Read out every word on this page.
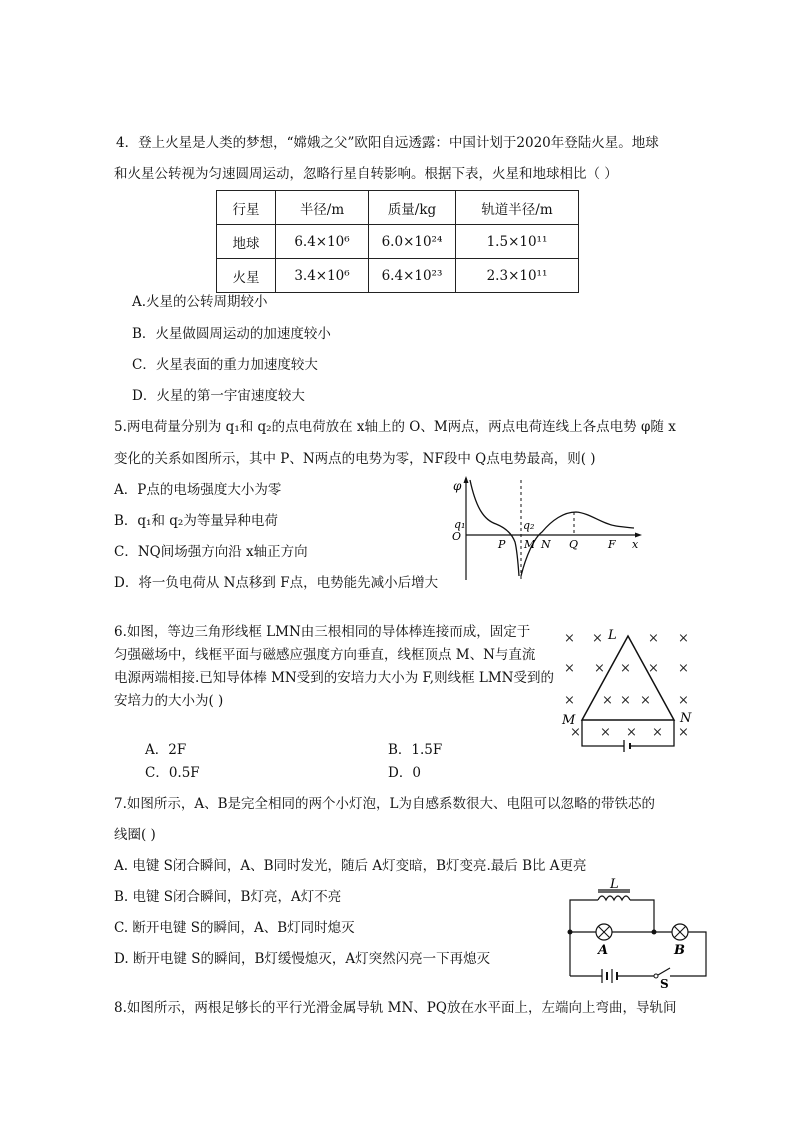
4．登上火星是人类的梦想，“嫦娥之父”欧阳自远透露：中国计划于2020年登陆火星。地球
和火星公转视为匀速圆周运动，忽略行星自转影响。根据下表，火星和地球相比（ ）
行星	半径/m	质量/kg	轨道半径/m
地球	6.4×10⁶	6.0×10²⁴	1.5×10¹¹
火星	3.4×10⁶	6.4×10²³	2.3×10¹¹
A.火星的公转周期较小
B．火星做圆周运动的加速度较小
C．火星表面的重力加速度较大
D．火星的第一宇宙速度较大
5.两电荷量分别为 q₁和 q₂的点电荷放在 x轴上的 O、M两点，两点电荷连线上各点电势 φ随 x
变化的关系如图所示，其中 P、N两点的电势为零，NF段中 Q点电势最高，则( )
A．P点的电场强度大小为零
B．q₁和 q₂为等量异种电荷
C．NQ间场强方向沿 x轴正方向
D．将一负电荷从 N点移到 F点，电势能先减小后增大
φ
q₁
O
q₂
P M N Q	F x
6.如图，等边三角形线框 LMN由三根相同的导体棒连接而成，固定于
匀强磁场中，线框平面与磁感应强度方向垂直，线框顶点 M、N与直流
电源两端相接.已知导体棒 MN受到的安培力大小为 F,则线框 LMN受到的
安培力的大小为( )
A．2F	B．1.5F
C．0.5F	D．0
× ×	× ×
× × × × ×
× × × × ×
× × × × ×
L
M	N
7.如图所示，A、B是完全相同的两个小灯泡，L为自感系数很大、电阻可以忽略的带铁芯的
线圈( )
A. 电键 S闭合瞬间，A、B同时发光，随后 A灯变暗，B灯变亮.最后 B比 A更亮
B. 电键 S闭合瞬间，B灯亮，A灯不亮
C. 断开电键 S的瞬间，A、B灯同时熄灭
D. 断开电键 S的瞬间，B灯缓慢熄灭，A灯突然闪亮一下再熄灭
L
A	B
S
8.如图所示，两根足够长的平行光滑金属导轨 MN、PQ放在水平面上，左端向上弯曲，导轨间
